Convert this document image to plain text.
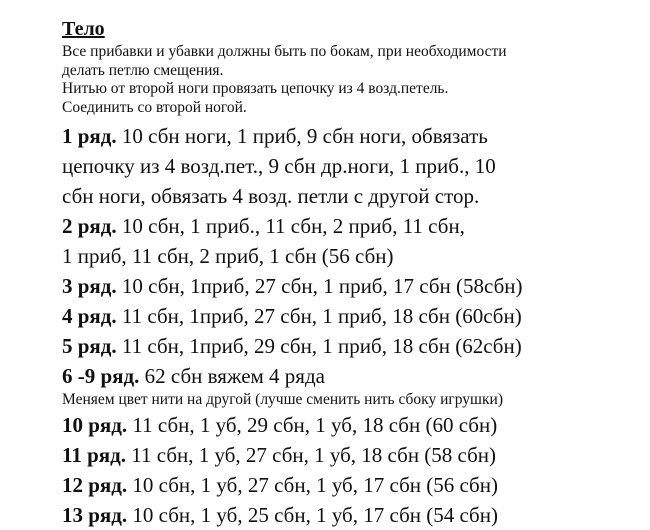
Тело
Все прибавки и убавки должны быть по бокам, при необходимости
делать петлю смещения.
Нитью от второй ноги провязать цепочку из 4 возд.петель.
Соединить со второй ногой.
1 ряд. 10 сбн ноги, 1 приб, 9 сбн ноги, обвязать
цепочку из 4 возд.пет., 9 сбн др.ноги, 1 приб., 10
сбн ноги, обвязать 4 возд. петли с другой стор.
2 ряд. 10 сбн, 1 приб., 11 сбн, 2 приб, 11 сбн,
1 приб, 11 сбн, 2 приб, 1 сбн (56 сбн)
3 ряд. 10 сбн, 1приб, 27 сбн, 1 приб, 17 сбн (58сбн)
4 ряд. 11 сбн, 1приб, 27 сбн, 1 приб, 18 сбн (60сбн)
5 ряд. 11 сбн, 1приб, 29 сбн, 1 приб, 18 сбн (62сбн)
6 -9 ряд. 62 сбн вяжем 4 ряда
Меняем цвет нити на другой (лучше сменить нить сбоку игрушки)
10 ряд. 11 сбн, 1 уб, 29 сбн, 1 уб, 18 сбн (60 сбн)
11 ряд. 11 сбн, 1 уб, 27 сбн, 1 уб, 18 сбн (58 сбн)
12 ряд. 10 сбн, 1 уб, 27 сбн, 1 уб, 17 сбн (56 сбн)
13 ряд. 10 сбн, 1 уб, 25 сбн, 1 уб, 17 сбн (54 сбн)
